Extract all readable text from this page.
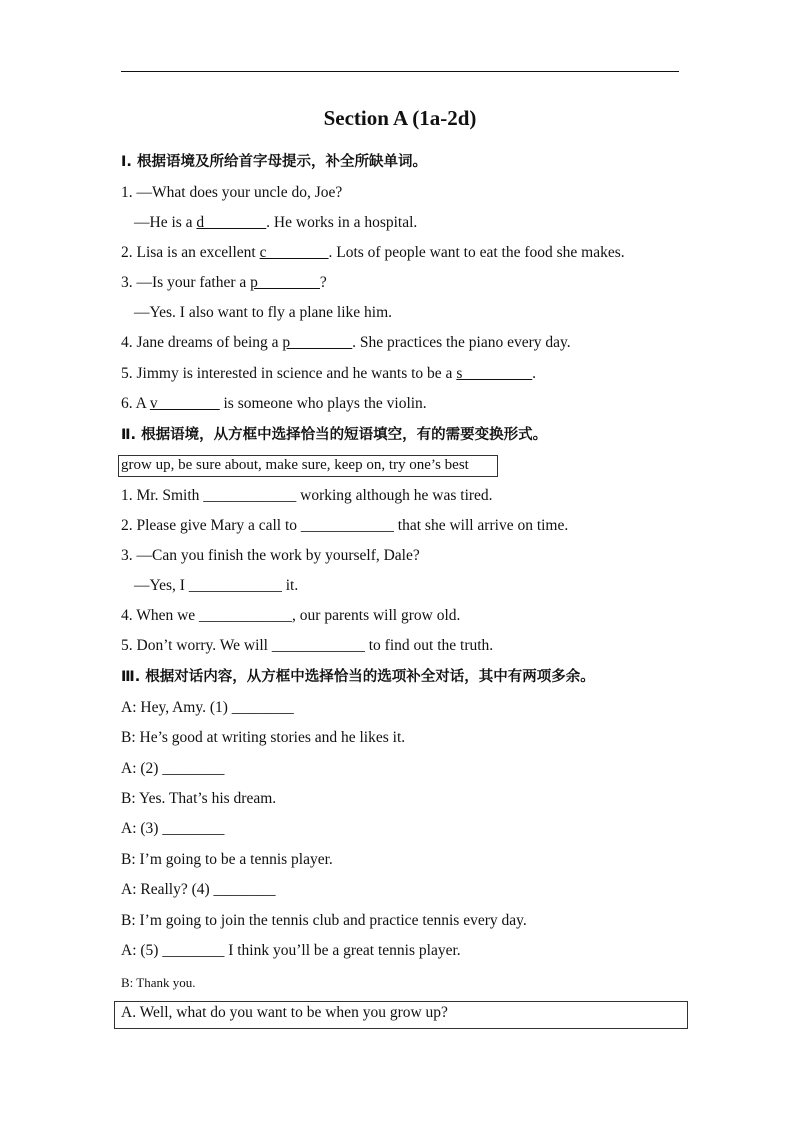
Section A (1a-2d)
Ⅰ. 根据语境及所给首字母提示，补全所缺单词。
1. —What does your uncle do, Joe?
—He is a d________. He works in a hospital.
2. Lisa is an excellent c________. Lots of people want to eat the food she makes.
3. —Is your father a p________?
—Yes. I also want to fly a plane like him.
4. Jane dreams of being a p________. She practices the piano every day.
5. Jimmy is interested in science and he wants to be a s_________.
6. A v________ is someone who plays the violin.
Ⅱ. 根据语境，从方框中选择恰当的短语填空，有的需要变换形式。
grow up, be sure about, make sure, keep on, try one’s best
1. Mr. Smith ____________ working although he was tired.
2. Please give Mary a call to ____________ that she will arrive on time.
3. —Can you finish the work by yourself, Dale?
—Yes, I ____________ it.
4. When we ____________, our parents will grow old.
5. Don’t worry. We will ____________ to find out the truth.
Ⅲ. 根据对话内容，从方框中选择恰当的选项补全对话，其中有两项多余。
A: Hey, Amy. (1) ________
B: He’s good at writing stories and he likes it.
A: (2) ________
B: Yes. That’s his dream.
A: (3) ________
B: I’m going to be a tennis player.
A: Really? (4) ________
B: I’m going to join the tennis club and practice tennis every day.
A: (5) ________ I think you’ll be a great tennis player.
B: Thank you.
A. Well, what do you want to be when you grow up?
